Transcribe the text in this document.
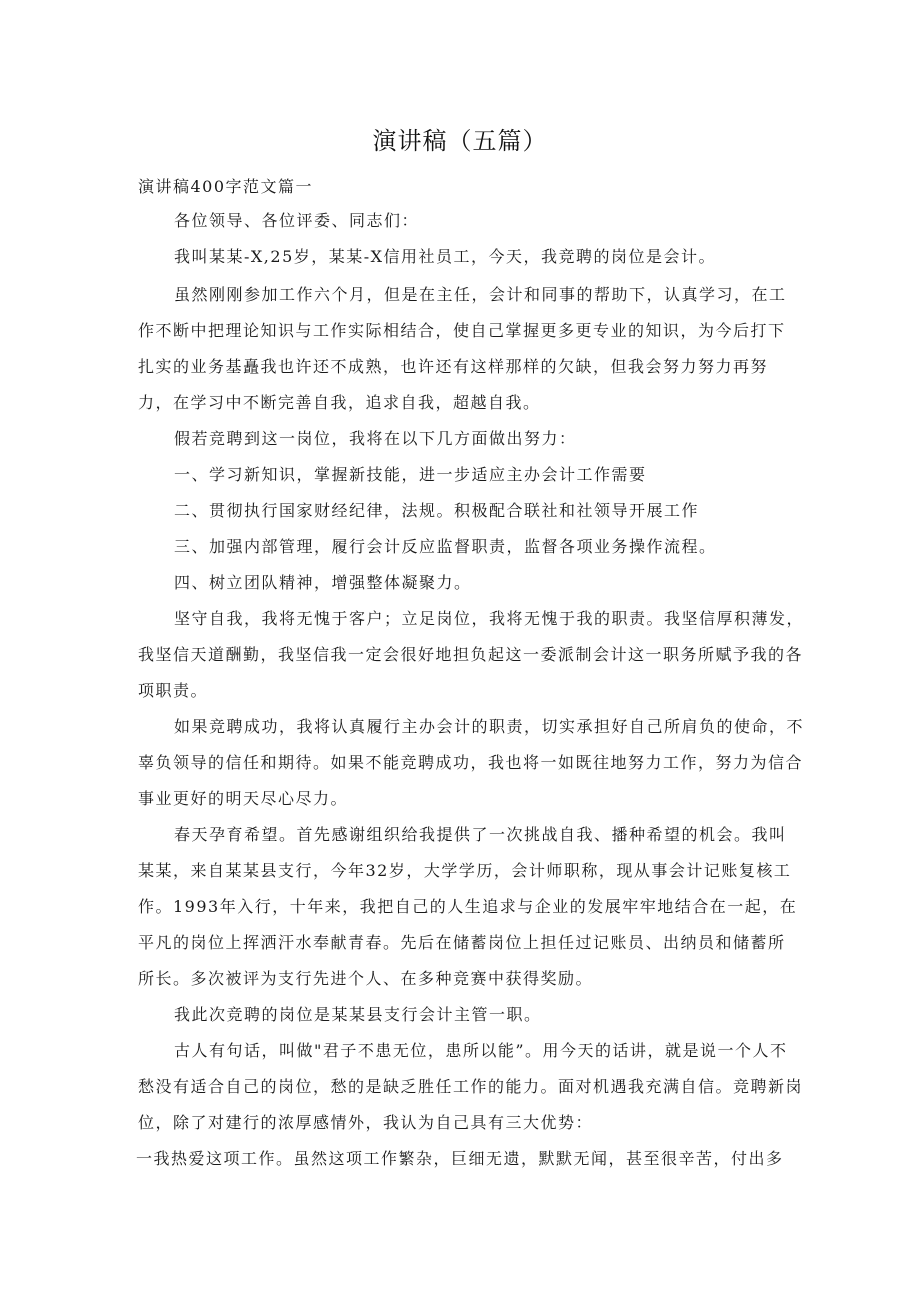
演讲稿（五篇）
演讲稿400字范文篇一
各位领导、各位评委、同志们：
我叫某某-X,25岁，某某-X信用社员工，今天，我竞聘的岗位是会计。
虽然刚刚参加工作六个月，但是在主任，会计和同事的帮助下，认真学习，在工
作不断中把理论知识与工作实际相结合，使自己掌握更多更专业的知识，为今后打下
扎实的业务基矗我也许还不成熟，也许还有这样那样的欠缺，但我会努力努力再努
力，在学习中不断完善自我，追求自我，超越自我。
假若竞聘到这一岗位，我将在以下几方面做出努力：
一、学习新知识，掌握新技能，进一步适应主办会计工作需要
二、贯彻执行国家财经纪律，法规。积极配合联社和社领导开展工作
三、加强内部管理，履行会计反应监督职责，监督各项业务操作流程。
四、树立团队精神，增强整体凝聚力。
坚守自我，我将无愧于客户；立足岗位，我将无愧于我的职责。我坚信厚积薄发，
我坚信天道酬勤，我坚信我一定会很好地担负起这一委派制会计这一职务所赋予我的各
项职责。
如果竞聘成功，我将认真履行主办会计的职责，切实承担好自己所肩负的使命，不
辜负领导的信任和期待。如果不能竞聘成功，我也将一如既往地努力工作，努力为信合
事业更好的明天尽心尽力。
春天孕育希望。首先感谢组织给我提供了一次挑战自我、播种希望的机会。我叫
某某，来自某某县支行，今年32岁，大学学历，会计师职称，现从事会计记账复核工
作。1993年入行，十年来，我把自己的人生追求与企业的发展牢牢地结合在一起，在
平凡的岗位上挥洒汗水奉献青春。先后在储蓄岗位上担任过记账员、出纳员和储蓄所
所长。多次被评为支行先进个人、在多种竞赛中获得奖励。
我此次竞聘的岗位是某某县支行会计主管一职。
古人有句话，叫做"君子不患无位，患所以能”。用今天的话讲，就是说一个人不
愁没有适合自己的岗位，愁的是缺乏胜任工作的能力。面对机遇我充满自信。竞聘新岗
位，除了对建行的浓厚感情外，我认为自己具有三大优势：
一我热爱这项工作。虽然这项工作繁杂，巨细无遗，默默无闻，甚至很辛苦，付出多
